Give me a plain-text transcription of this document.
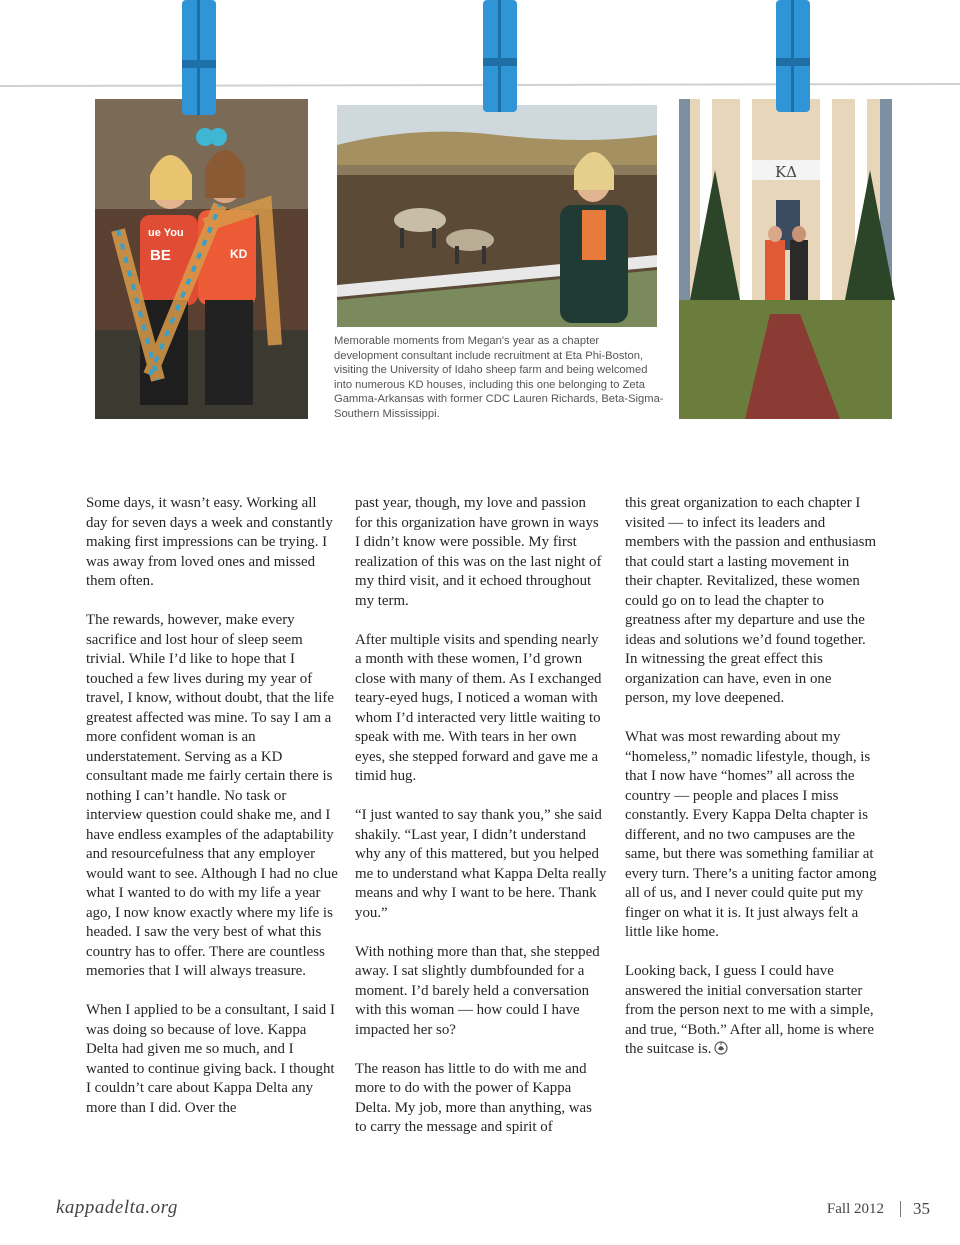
ue You
BE	KD
ΚΔ
Memorable moments from Megan's year as a chapter development consultant include recruitment at Eta Phi-Boston, visiting the University of Idaho sheep farm and being welcomed into numerous KD houses, including this one belonging to Zeta Gamma-Arkansas with former CDC Lauren Richards, Beta-Sigma-Southern Mississippi.

Some days, it wasn’t easy. Working all day for seven days a week and constantly making first impressions can be trying. I was away from loved ones and missed them often.

The rewards, however, make every sacrifice and lost hour of sleep seem trivial. While I’d like to hope that I touched a few lives during my year of travel, I know, without doubt, that the life greatest affected was mine. To say I am a more confident woman is an understatement. Serving as a KD consultant made me fairly certain there is nothing I can’t handle. No task or interview question could shake me, and I have endless examples of the adaptability and resourcefulness that any employer would want to see. Although I had no clue what I wanted to do with my life a year ago, I now know exactly where my life is headed. I saw the very best of what this country has to offer. There are countless memories that I will always treasure.

When I applied to be a consultant, I said I was doing so because of love. Kappa Delta had given me so much, and I wanted to continue giving back. I thought I couldn’t care about Kappa Delta any more than I did. Over the

past year, though, my love and passion for this organization have grown in ways I didn’t know were possible. My first realization of this was on the last night of my third visit, and it echoed throughout my term.

After multiple visits and spending nearly a month with these women, I’d grown close with many of them. As I exchanged teary-eyed hugs, I noticed a woman with whom I’d interacted very little waiting to speak with me. With tears in her own eyes, she stepped forward and gave me a timid hug.

“I just wanted to say thank you,” she said shakily. “Last year, I didn’t understand why any of this mattered, but you helped me to understand what Kappa Delta really means and why I want to be here. Thank you.”

With nothing more than that, she stepped away. I sat slightly dumbfounded for a moment. I’d barely held a conversation with this woman — how could I have impacted her so?

The reason has little to do with me and more to do with the power of Kappa Delta. My job, more than anything, was to carry the message and spirit of

this great organization to each chapter I visited — to infect its leaders and members with the passion and enthusiasm that could start a lasting movement in their chapter. Revitalized, these women could go on to lead the chapter to greatness after my departure and use the ideas and solutions we’d found together. In witnessing the great effect this organization can have, even in one person, my love deepened.

What was most rewarding about my “homeless,” nomadic lifestyle, though, is that I now have “homes” all across the country — people and places I miss constantly. Every Kappa Delta chapter is different, and no two campuses are the same, but there was something familiar at every turn. There’s a uniting factor among all of us, and I never could quite put my finger on what it is. It just always felt a little like home.

Looking back, I guess I could have answered the initial conversation starter from the person next to me with a simple, and true, “Both.” After all, home is where the suitcase is.

kappadelta.org	Fall 2012 35
